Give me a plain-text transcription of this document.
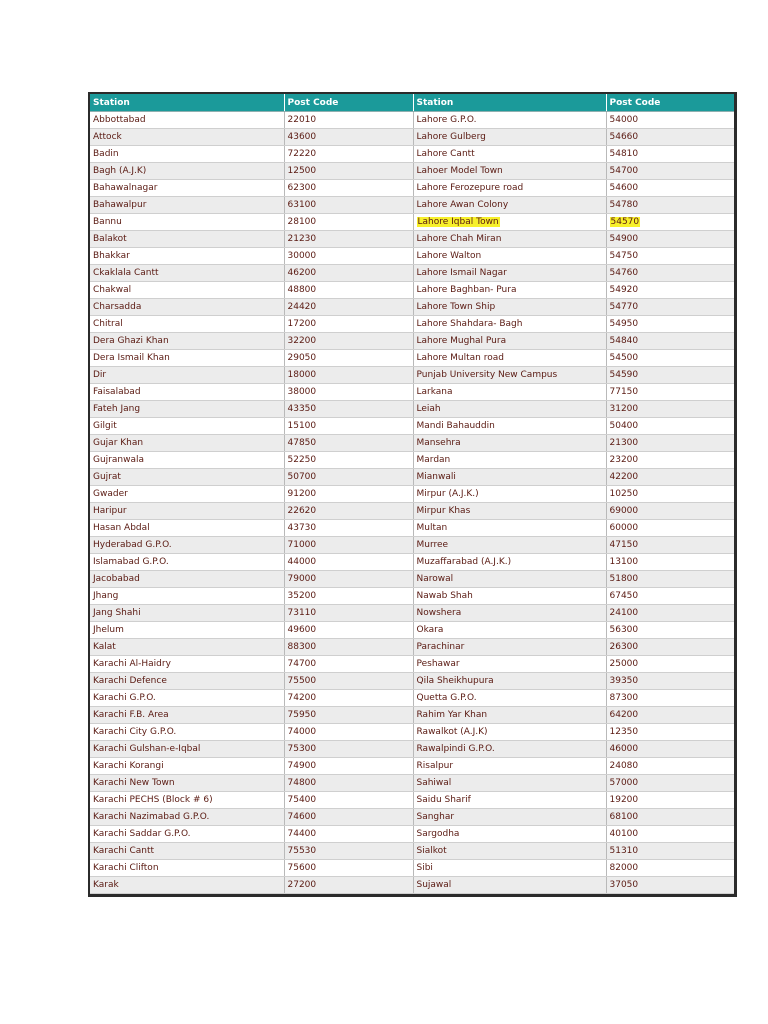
Station	Post Code	Station	Post Code
Abbottabad	22010	Lahore G.P.O.	54000
Attock	43600	Lahore Gulberg	54660
Badin	72220	Lahore Cantt	54810
Bagh (A.J.K)	12500	Lahoer Model Town	54700
Bahawalnagar	62300	Lahore Ferozepure road	54600
Bahawalpur	63100	Lahore Awan Colony	54780
Bannu	28100	Lahore Iqbal Town	54570
Balakot	21230	Lahore Chah Miran	54900
Bhakkar	30000	Lahore Walton	54750
Ckaklala Cantt	46200	Lahore Ismail Nagar	54760
Chakwal	48800	Lahore Baghban- Pura	54920
Charsadda	24420	Lahore Town Ship	54770
Chitral	17200	Lahore Shahdara- Bagh	54950
Dera Ghazi Khan	32200	Lahore Mughal Pura	54840
Dera Ismail Khan	29050	Lahore Multan road	54500
Dir	18000	Punjab University New Campus	54590
Faisalabad	38000	Larkana	77150
Fateh Jang	43350	Leiah	31200
Gilgit	15100	Mandi Bahauddin	50400
Gujar Khan	47850	Mansehra	21300
Gujranwala	52250	Mardan	23200
Gujrat	50700	Mianwali	42200
Gwader	91200	Mirpur (A.J.K.)	10250
Haripur	22620	Mirpur Khas	69000
Hasan Abdal	43730	Multan	60000
Hyderabad G.P.O.	71000	Murree	47150
Islamabad G.P.O.	44000	Muzaffarabad (A.J.K.)	13100
Jacobabad	79000	Narowal	51800
Jhang	35200	Nawab Shah	67450
Jang Shahi	73110	Nowshera	24100
Jhelum	49600	Okara	56300
Kalat	88300	Parachinar	26300
Karachi Al-Haidry	74700	Peshawar	25000
Karachi Defence	75500	Qila Sheikhupura	39350
Karachi G.P.O.	74200	Quetta G.P.O.	87300
Karachi F.B. Area	75950	Rahim Yar Khan	64200
Karachi City G.P.O.	74000	Rawalkot (A.J.K)	12350
Karachi Gulshan-e-Iqbal	75300	Rawalpindi G.P.O.	46000
Karachi Korangi	74900	Risalpur	24080
Karachi New Town	74800	Sahiwal	57000
Karachi PECHS (Block # 6)	75400	Saidu Sharif	19200
Karachi Nazimabad G.P.O.	74600	Sanghar	68100
Karachi Saddar G.P.O.	74400	Sargodha	40100
Karachi Cantt	75530	Sialkot	51310
Karachi Clifton	75600	Sibi	82000
Karak	27200	Sujawal	37050
